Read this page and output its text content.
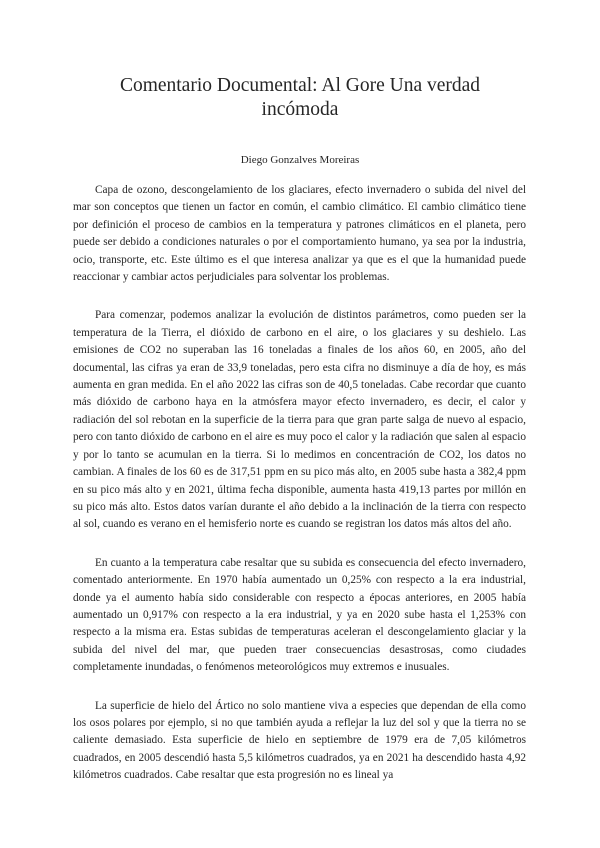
Comentario Documental: Al Gore Una verdad incómoda
Diego Gonzalves Moreiras

Capa de ozono, descongelamiento de los glaciares, efecto invernadero o subida del nivel del mar son conceptos que tienen un factor en común, el cambio climático. El cambio climático tiene por definición el proceso de cambios en la temperatura y patrones climáticos en el planeta, pero puede ser debido a condiciones naturales o por el comportamiento humano, ya sea por la industria, ocio, transporte, etc. Este último es el que interesa analizar ya que es el que la humanidad puede reaccionar y cambiar actos perjudiciales para solventar los problemas.

Para comenzar, podemos analizar la evolución de distintos parámetros, como pueden ser la temperatura de la Tierra, el dióxido de carbono en el aire, o los glaciares y su deshielo. Las emisiones de CO2 no superaban las 16 toneladas a finales de los años 60, en 2005, año del documental, las cifras ya eran de 33,9 toneladas, pero esta cifra no disminuye a día de hoy, es más aumenta en gran medida. En el año 2022 las cifras son de 40,5 toneladas. Cabe recordar que cuanto más dióxido de carbono haya en la atmósfera mayor efecto invernadero, es decir, el calor y radiación del sol rebotan en la superficie de la tierra para que gran parte salga de nuevo al espacio, pero con tanto dióxido de carbono en el aire es muy poco el calor y la radiación que salen al espacio y por lo tanto se acumulan en la tierra. Si lo medimos en concentración de CO2, los datos no cambian. A finales de los 60 es de 317,51 ppm en su pico más alto, en 2005 sube hasta a 382,4 ppm en su pico más alto y en 2021, última fecha disponible, aumenta hasta 419,13 partes por millón en su pico más alto. Estos datos varían durante el año debido a la inclinación de la tierra con respecto al sol, cuando es verano en el hemisferio norte es cuando se registran los datos más altos del año.

En cuanto a la temperatura cabe resaltar que su subida es consecuencia del efecto invernadero, comentado anteriormente. En 1970 había aumentado un 0,25% con respecto a la era industrial, donde ya el aumento había sido considerable con respecto a épocas anteriores, en 2005 había aumentado un 0,917% con respecto a la era industrial, y ya en 2020 sube hasta el 1,253% con respecto a la misma era. Estas subidas de temperaturas aceleran el descongelamiento glaciar y la subida del nivel del mar, que pueden traer consecuencias desastrosas, como ciudades completamente inundadas, o fenómenos meteorológicos muy extremos e inusuales.

La superficie de hielo del Ártico no solo mantiene viva a especies que dependan de ella como los osos polares por ejemplo, si no que también ayuda a reflejar la luz del sol y que la tierra no se caliente demasiado. Esta superficie de hielo en septiembre de 1979 era de 7,05 kilómetros cuadrados, en 2005 descendió hasta 5,5 kilómetros cuadrados, ya en 2021 ha descendido hasta 4,92 kilómetros cuadrados. Cabe resaltar que esta progresión no es lineal ya
